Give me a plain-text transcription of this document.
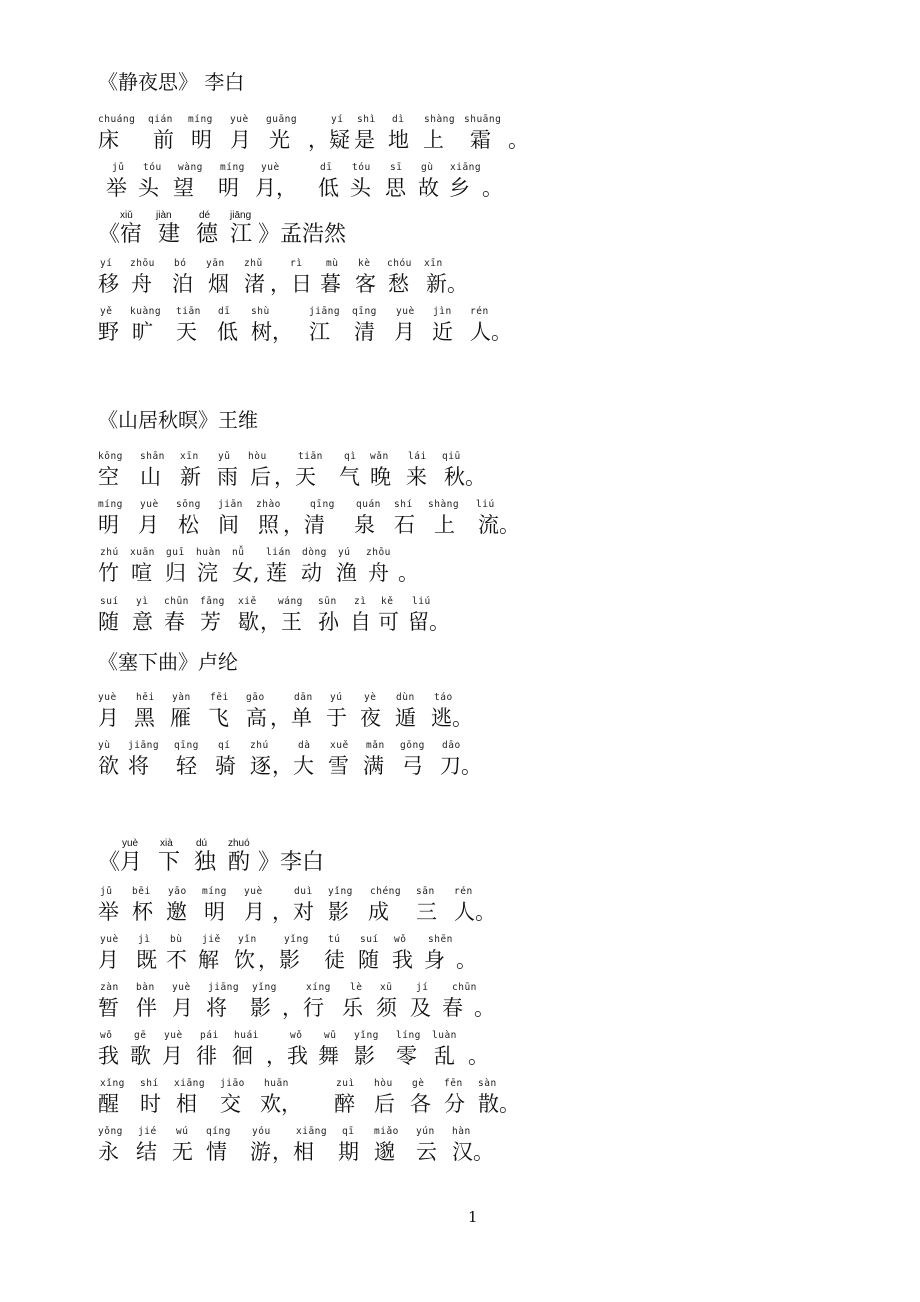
《静夜思》 李白
chuáng qián míng yuè guāng	yí shì dì shàng shuāng
床 前 明 月 光 ，疑 是 地 上 霜 。
jǔ tóu wàng míng yuè	dī tóu sī gù xiāng
举 头 望 明 月， 低 头 思 故 乡 。
xiǔ jiàn	dé jiāng
《 宿 建 德 江 》孟浩然
yí zhōu bó yān zhǔ	rì mù kè chóu xīn
移 舟 泊 烟 渚 ，日 暮 客 愁 新。
yě kuàng tiān dī shù	jiāng qīng yuè jìn rén
野 旷 天 低 树， 江 清 月 近 人。
《山居秋暝》王维
kōng shān xīn yǔ hòu	tiān qì wǎn lái qiū
空 山 新 雨 后 ，天 气 晚 来 秋。
míng yuè sōng jiān zhào	qīng quán shí shàng liú
明 月 松 间 照 ，清 泉 石 上 流。
zhú xuān guī huàn nǚ lián dòng yú zhōu
竹 喧 归 浣 女, 莲 动 渔 舟 。
suí yì chūn fāng xiē wáng sūn zì kě liú
随 意 春 芳 歇 ，王 孙 自 可 留。
《塞下曲》卢纶
yuè hēi yàn fēi gāo	dān yú yè dùn táo
月 黑 雁 飞 高 ，单 于 夜 遁 逃。
yù jiāng qīng qí zhú	dà xuě mǎn gōng dāo
欲 将 轻 骑 逐 ，大 雪 满 弓 刀。
yuè xià dú zhuó
《 月 下 独 酌 》李白
jǔ bēi yāo míng yuè	duì yǐng chéng sān rén
举 杯 邀 明 月 ，对 影 成 三 人。
yuè jì bù jiě yǐn	yǐng tú suí wǒ shēn
月 既 不 解 饮 ，影 徒 随 我 身 。
zàn bàn yuè jiāng yǐng	xíng lè xū jí chūn
暂 伴 月 将 影 ，行 乐 须 及 春 。
wǒ gē yuè pái huái	wǒ wǔ yǐng líng luàn
我 歌 月 徘 徊 ，我 舞 影 零 乱 。
xǐng shí xiāng jiāo huān	zuì hòu gè fēn sàn
醒 时 相 交 欢， 醉 后 各 分 散。
yǒng jié wú qíng yóu	xiāng qī miǎo yún hàn
永 结 无 情 游 ，相 期 邈 云 汉。
1
